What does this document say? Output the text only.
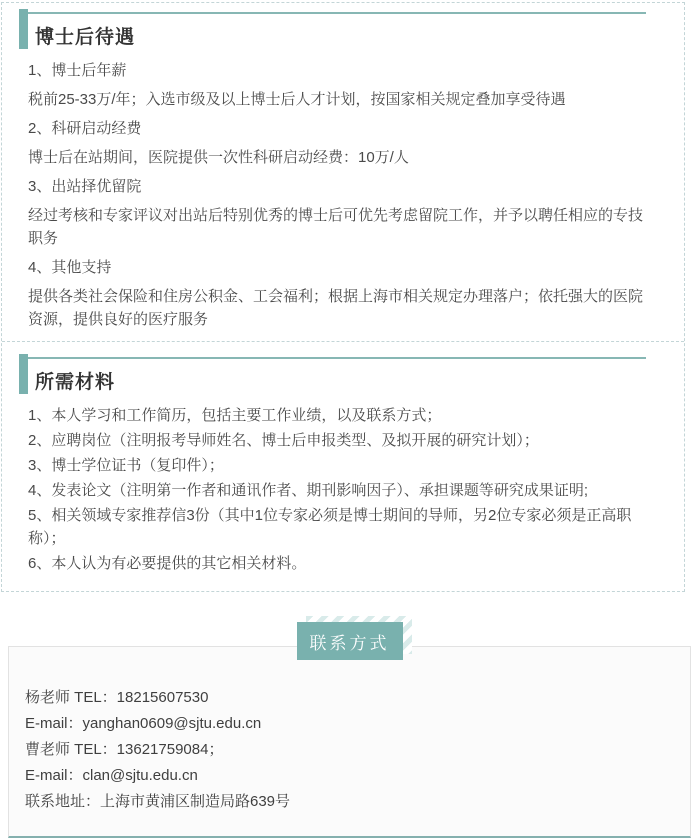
博士后待遇

1、博士后年薪

税前25-33万/年；入选市级及以上博士后人才计划，按国家相关规定叠加享受待遇

2、科研启动经费

博士后在站期间，医院提供一次性科研启动经费：10万/人

3、出站择优留院

经过考核和专家评议对出站后特别优秀的博士后可优先考虑留院工作，并予以聘任相应的专技职务

4、其他支持

提供各类社会保险和住房公积金、工会福利；根据上海市相关规定办理落户；依托强大的医院资源，提供良好的医疗服务

所需材料

1、本人学习和工作简历，包括主要工作业绩，以及联系方式；

2、应聘岗位（注明报考导师姓名、博士后申报类型、及拟开展的研究计划）；

3、博士学位证书（复印件）；

4、发表论文（注明第一作者和通讯作者、期刊影响因子）、承担课题等研究成果证明;

5、相关领域专家推荐信3份（其中1位专家必须是博士期间的导师，另2位专家必须是正高职称）；

6、本人认为有必要提供的其它相关材料。

联系方式

杨老师 TEL：18215607530

E-mail：yanghan0609@sjtu.edu.cn

曹老师 TEL：13621759084；

E-mail：clan@sjtu.edu.cn

联系地址：上海市黄浦区制造局路639号
